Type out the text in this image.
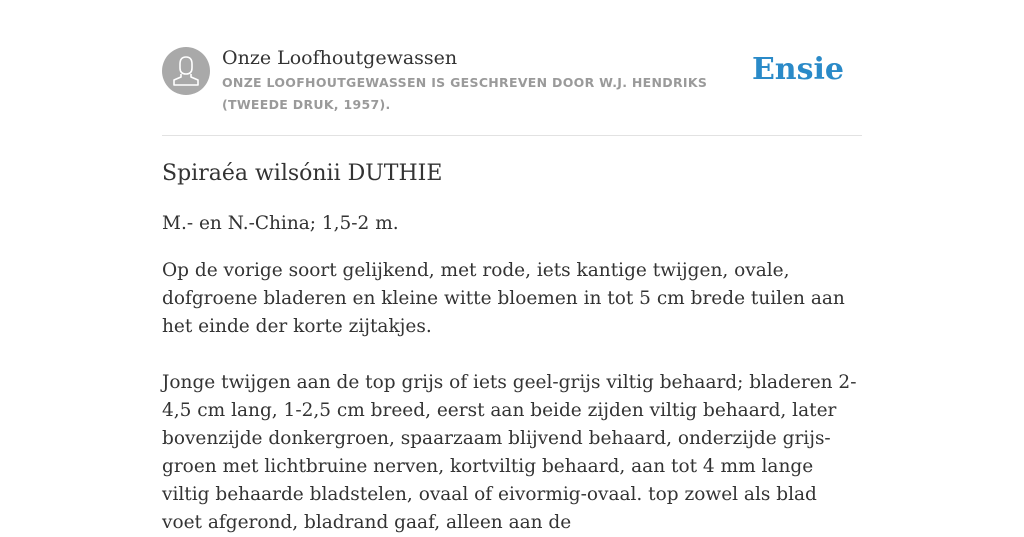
Onze Loofhoutgewassen
ONZE LOOFHOUTGEWASSEN IS GESCHREVEN DOOR W.J. HENDRIKS (TWEEDE DRUK, 1957).
Ensie
Spiraéa wilsónii DUTHIE

M.- en N.-China; 1,5-2 m.

Op de vorige soort gelijkend, met rode, iets kantige twijgen, ovale, dofgroene bladeren en kleine witte bloemen in tot 5 cm brede tuilen aan het einde der korte zijtakjes.

Jonge twijgen aan de top grijs of iets geel-grijs viltig behaard; bladeren 2-4,5 cm lang, 1-2,5 cm breed, eerst aan beide zijden viltig behaard, later bovenzijde donkergroen, spaarzaam blijvend behaard, onderzijde grijs-groen met lichtbruine nerven, kortviltig behaard, aan tot 4 mm lange viltig behaarde bladstelen, ovaal of eivormig-ovaal. top zowel als blad voet afgerond, bladrand gaaf, alleen aan de
